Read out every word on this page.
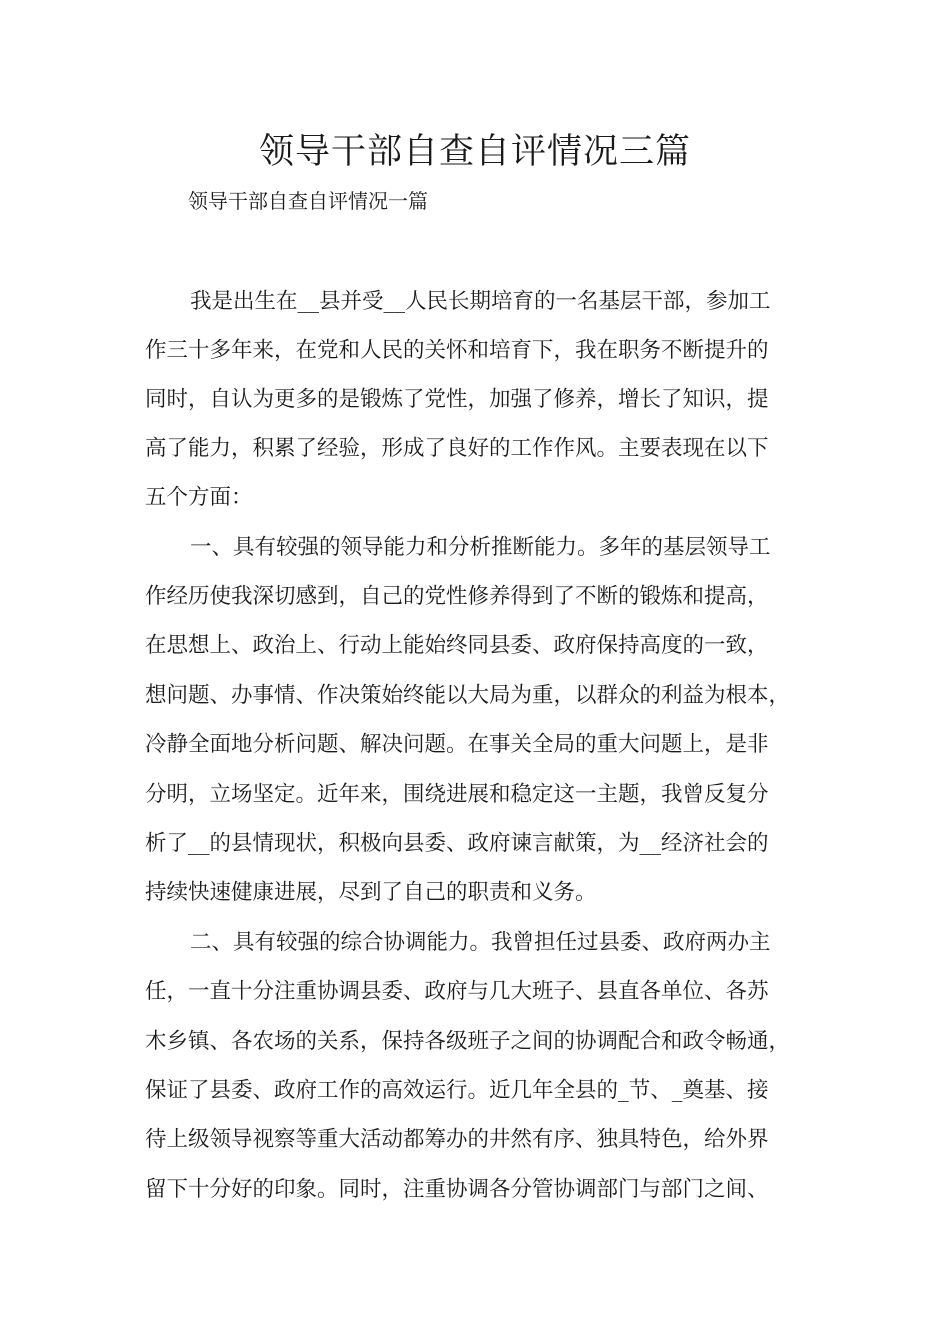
领导干部自查自评情况三篇

领导干部自查自评情况一篇

我是出生在__县并受__人民长期培育的一名基层干部，参加工

作三十多年来，在党和人民的关怀和培育下，我在职务不断提升的

同时，自认为更多的是锻炼了党性，加强了修养，增长了知识，提

高了能力，积累了经验，形成了良好的工作作风。主要表现在以下

五个方面：

一、具有较强的领导能力和分析推断能力。多年的基层领导工

作经历使我深切感到，自己的党性修养得到了不断的锻炼和提高，

在思想上、政治上、行动上能始终同县委、政府保持高度的一致，

想问题、办事情、作决策始终能以大局为重，以群众的利益为根本，

冷静全面地分析问题、解决问题。在事关全局的重大问题上，是非

分明，立场坚定。近年来，围绕进展和稳定这一主题，我曾反复分

析了__的县情现状，积极向县委、政府谏言献策，为__经济社会的

持续快速健康进展，尽到了自己的职责和义务。

二、具有较强的综合协调能力。我曾担任过县委、政府两办主

任，一直十分注重协调县委、政府与几大班子、县直各单位、各苏

木乡镇、各农场的关系，保持各级班子之间的协调配合和政令畅通，

保证了县委、政府工作的高效运行。近几年全县的_节、_奠基、接

待上级领导视察等重大活动都筹办的井然有序、独具特色，给外界

留下十分好的印象。同时，注重协调各分管协调部门与部门之间、
